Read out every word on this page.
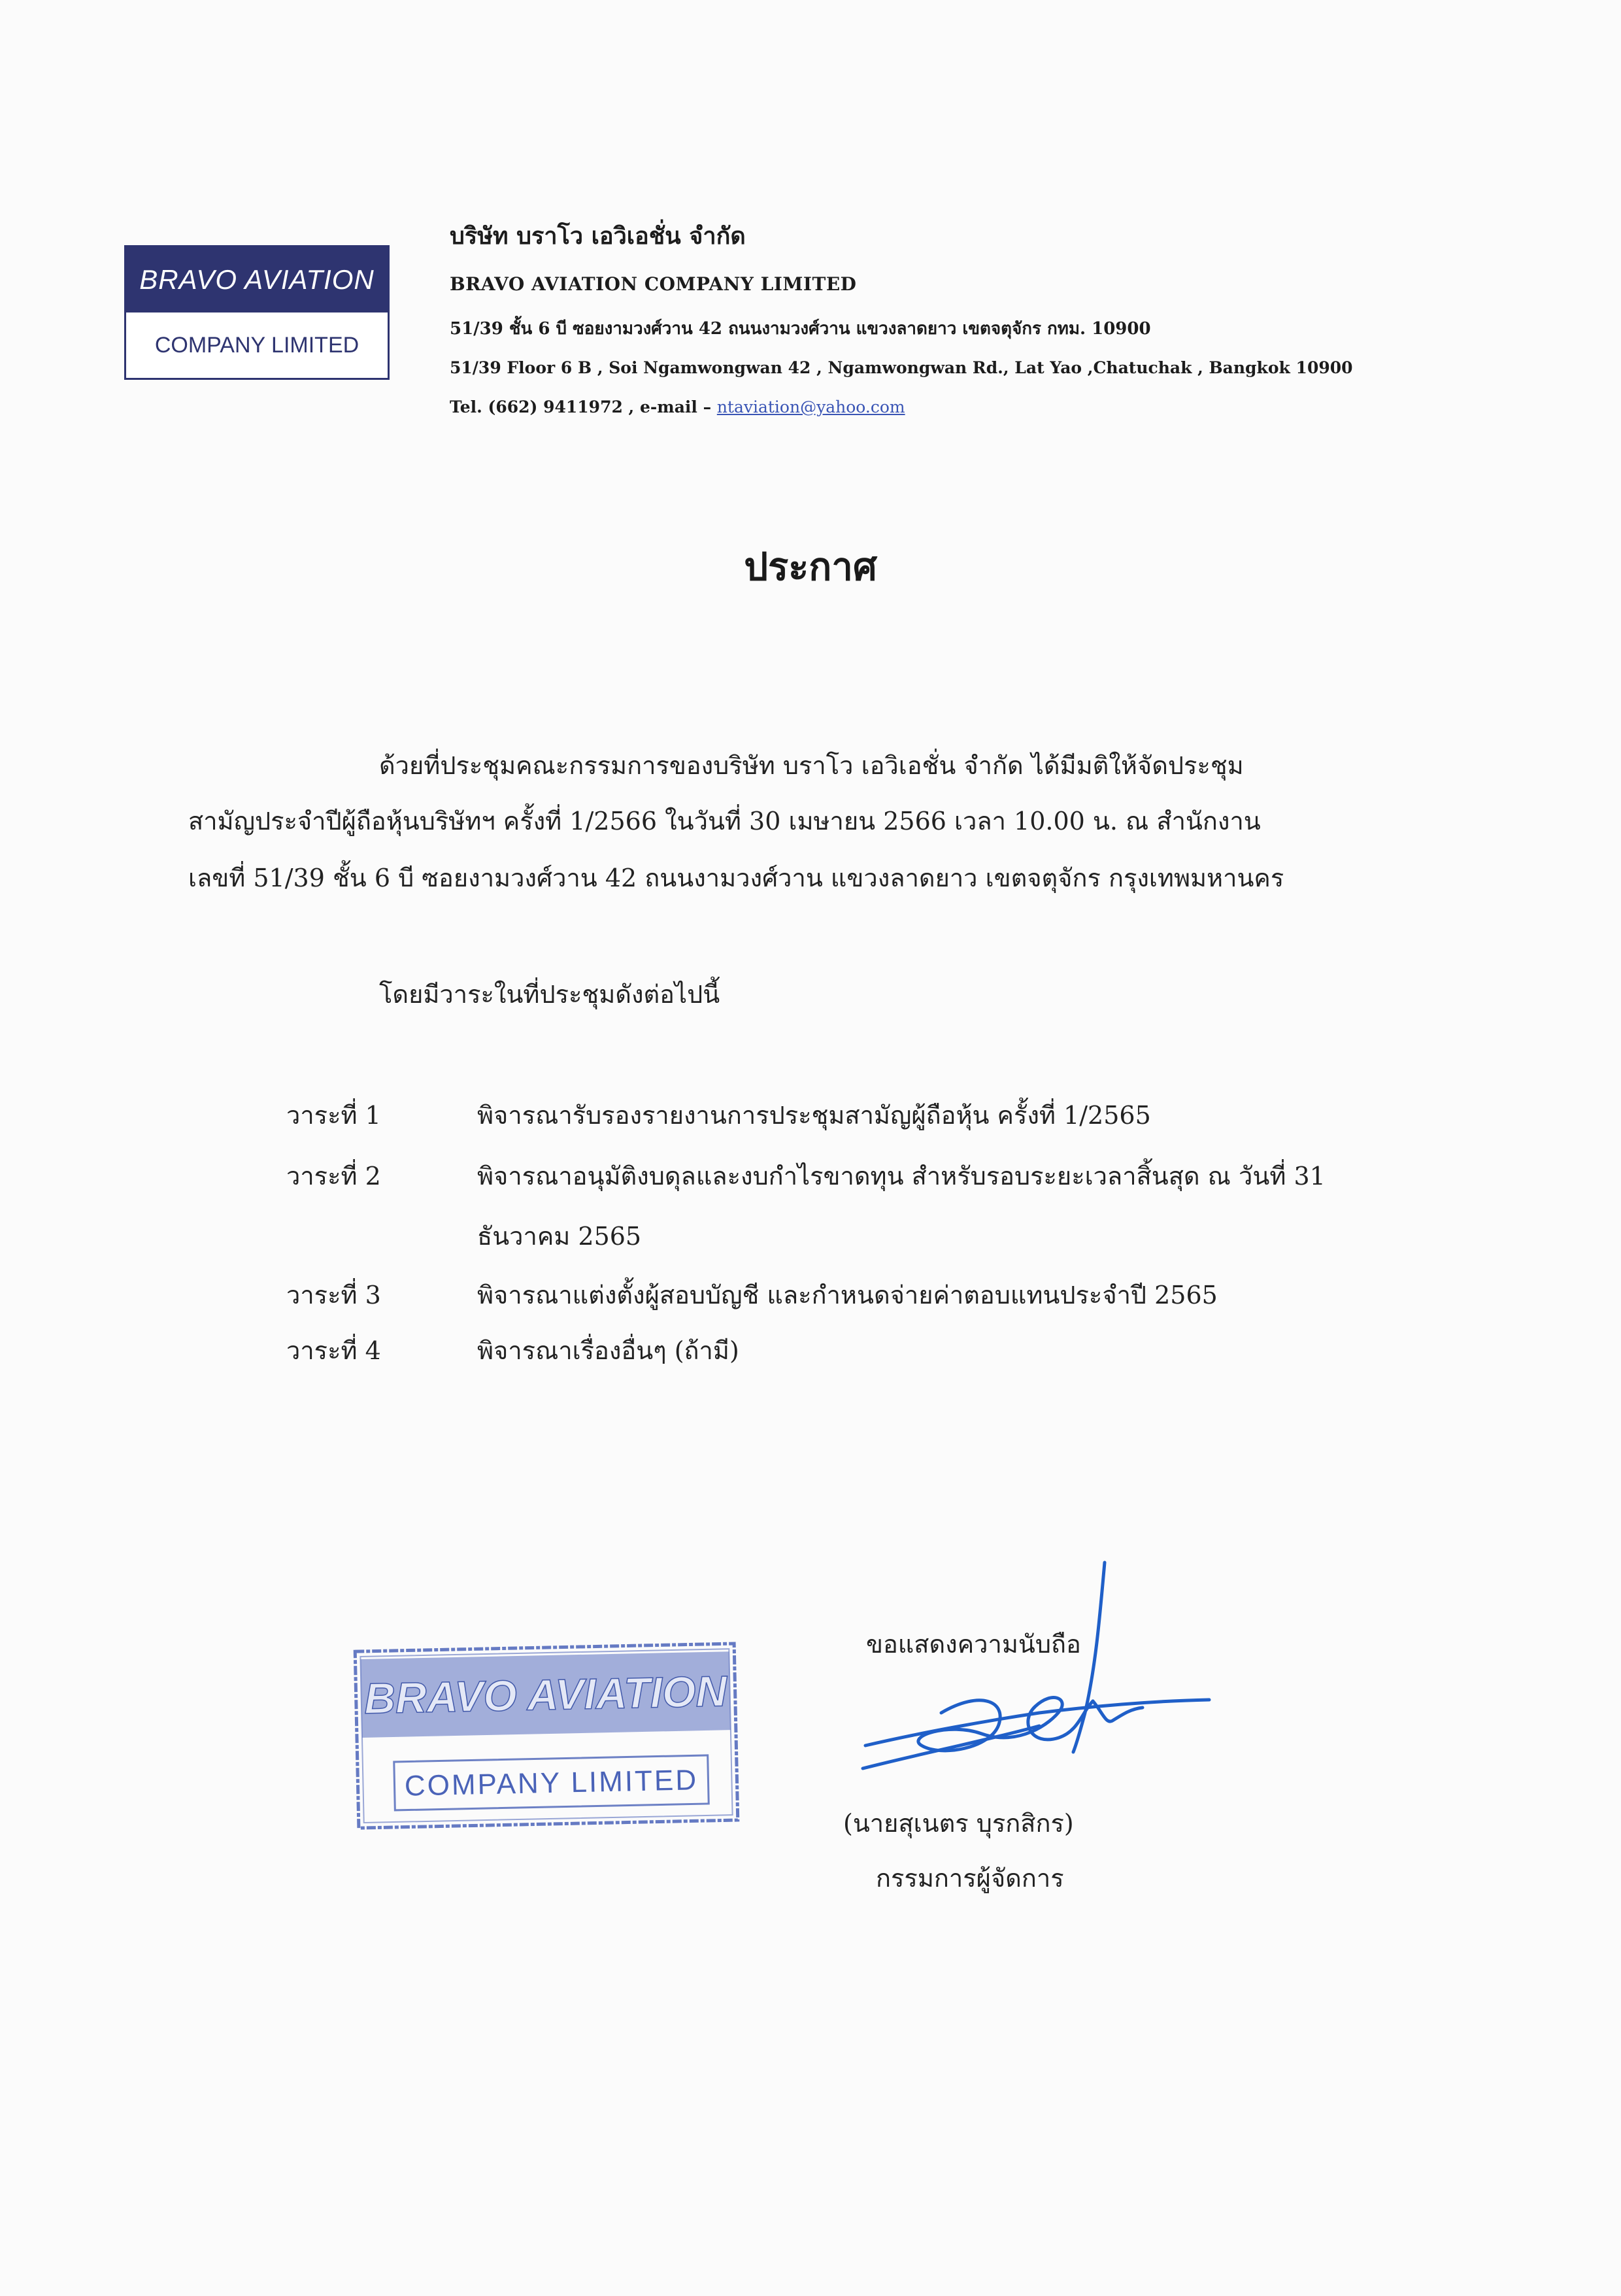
BRAVO AVIATION
COMPANY LIMITED
บริษัท บราโว เอวิเอชั่น จำกัด
BRAVO AVIATION COMPANY LIMITED
51/39 ชั้น 6 บี ซอยงามวงศ์วาน 42 ถนนงามวงศ์วาน แขวงลาดยาว เขตจตุจักร กทม. 10900
51/39 Floor 6 B , Soi Ngamwongwan 42 , Ngamwongwan Rd., Lat Yao ,Chatuchak , Bangkok 10900
Tel. (662) 9411972 , e-mail – ntaviation@yahoo.com
ประกาศ
ด้วยที่ประชุมคณะกรรมการของบริษัท บราโว เอวิเอชั่น จำกัด ได้มีมติให้จัดประชุม
สามัญประจำปีผู้ถือหุ้นบริษัทฯ ครั้งที่ 1/2566 ในวันที่ 30 เมษายน 2566 เวลา 10.00 น. ณ สำนักงาน
เลขที่ 51/39 ชั้น 6 บี ซอยงามวงศ์วาน 42 ถนนงามวงศ์วาน แขวงลาดยาว เขตจตุจักร กรุงเทพมหานคร
โดยมีวาระในที่ประชุมดังต่อไปนี้
วาระที่ 1	พิจารณารับรองรายงานการประชุมสามัญผู้ถือหุ้น ครั้งที่ 1/2565
วาระที่ 2	พิจารณาอนุมัติงบดุลและงบกำไรขาดทุน สำหรับรอบระยะเวลาสิ้นสุด ณ วันที่ 31
ธันวาคม 2565
วาระที่ 3	พิจารณาแต่งตั้งผู้สอบบัญชี และกำหนดจ่ายค่าตอบแทนประจำปี 2565
วาระที่ 4	พิจารณาเรื่องอื่นๆ (ถ้ามี)
BRAVO AVIATION
COMPANY LIMITED
ขอแสดงความนับถือ
(นายสุเนตร บุรกสิกร)
กรรมการผู้จัดการ
